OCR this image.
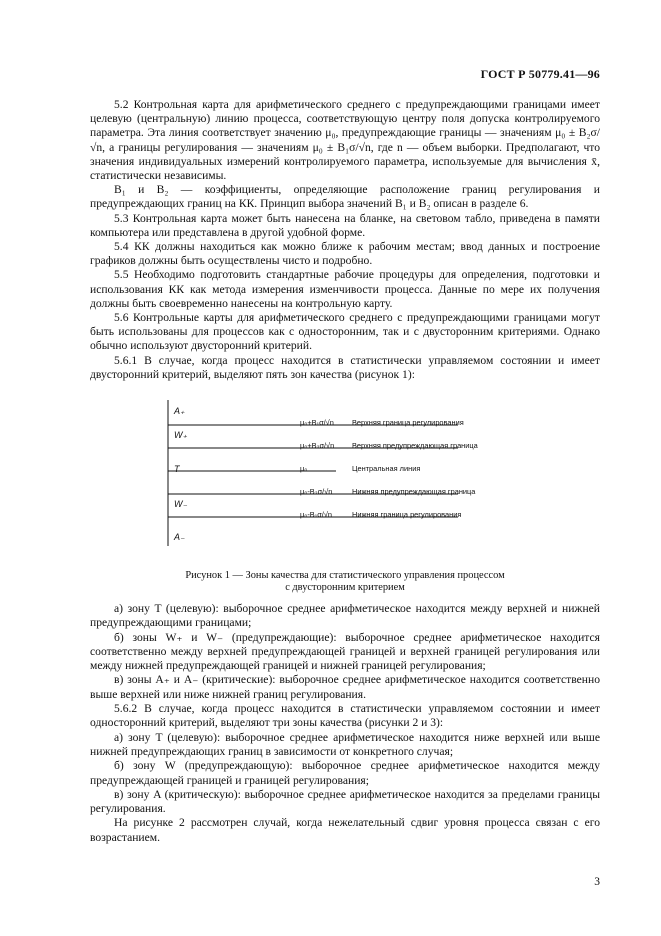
ГОСТ Р 50779.41—96

5.2 Контрольная карта для арифметического среднего с предупреждающими границами имеет целевую (центральную) линию процесса, соответствующую центру поля допуска контролируемого параметра. Эта линия соответствует значению μ₀, предупреждающие границы — значениям μ₀ ± B₂σ/√n, а границы регулирования — значениям μ₀ ± B₁σ/√n, где n — объем выборки. Предполагают, что значения индивидуальных измерений контролируемого параметра, используемые для вычисления x̄, статистически независимы.

B₁ и B₂ — коэффициенты, определяющие расположение границ регулирования и предупреждающих границ на КК. Принцип выбора значений B₁ и B₂ описан в разделе 6.

5.3 Контрольная карта может быть нанесена на бланке, на световом табло, приведена в памяти компьютера или представлена в другой удобной форме.

5.4 КК должны находиться как можно ближе к рабочим местам; ввод данных и построение графиков должны быть осуществлены чисто и подробно.

5.5 Необходимо подготовить стандартные рабочие процедуры для определения, подготовки и использования КК как метода измерения изменчивости процесса. Данные по мере их получения должны быть своевременно нанесены на контрольную карту.

5.6 Контрольные карты для арифметического среднего с предупреждающими границами могут быть использованы для процессов как с односторонним, так и с двусторонним критериями. Однако обычно используют двусторонний критерий.

5.6.1 В случае, когда процесс находится в статистически управляемом состоянии и имеет двусторонний критерий, выделяют пять зон качества (рисунок 1):

A₊
W₊
T
W₋
A₋
μ₀+B₁σ/√n
μ₀+B₂σ/√n
μ₀
μ₀-B₂σ/√n
μ₀-B₁σ/√n
Верхняя граница регулирования
Верхняя предупреждающая граница
Центральная линия
Нижняя предупреждающая граница
Нижняя граница регулирования
Рисунок 1 — Зоны качества для статистического управления процессом
с двусторонним критерием

а) зону T (целевую): выборочное среднее арифметическое находится между верхней и нижней предупреждающими границами;

б) зоны W₊ и W₋ (предупреждающие): выборочное среднее арифметическое находится соответственно между верхней предупреждающей границей и верхней границей регулирования или между нижней предупреждающей границей и нижней границей регулирования;

в) зоны A₊ и A₋ (критические): выборочное среднее арифметическое находится соответственно выше верхней или ниже нижней границ регулирования.

5.6.2 В случае, когда процесс находится в статистически управляемом состоянии и имеет односторонний критерий, выделяют три зоны качества (рисунки 2 и 3):

а) зону T (целевую): выборочное среднее арифметическое находится ниже верхней или выше нижней предупреждающих границ в зависимости от конкретного случая;

б) зону W (предупреждающую): выборочное среднее арифметическое находится между предупреждающей границей и границей регулирования;

в) зону A (критическую): выборочное среднее арифметическое находится за пределами границы регулирования.

На рисунке 2 рассмотрен случай, когда нежелательный сдвиг уровня процесса связан с его возрастанием.

3
